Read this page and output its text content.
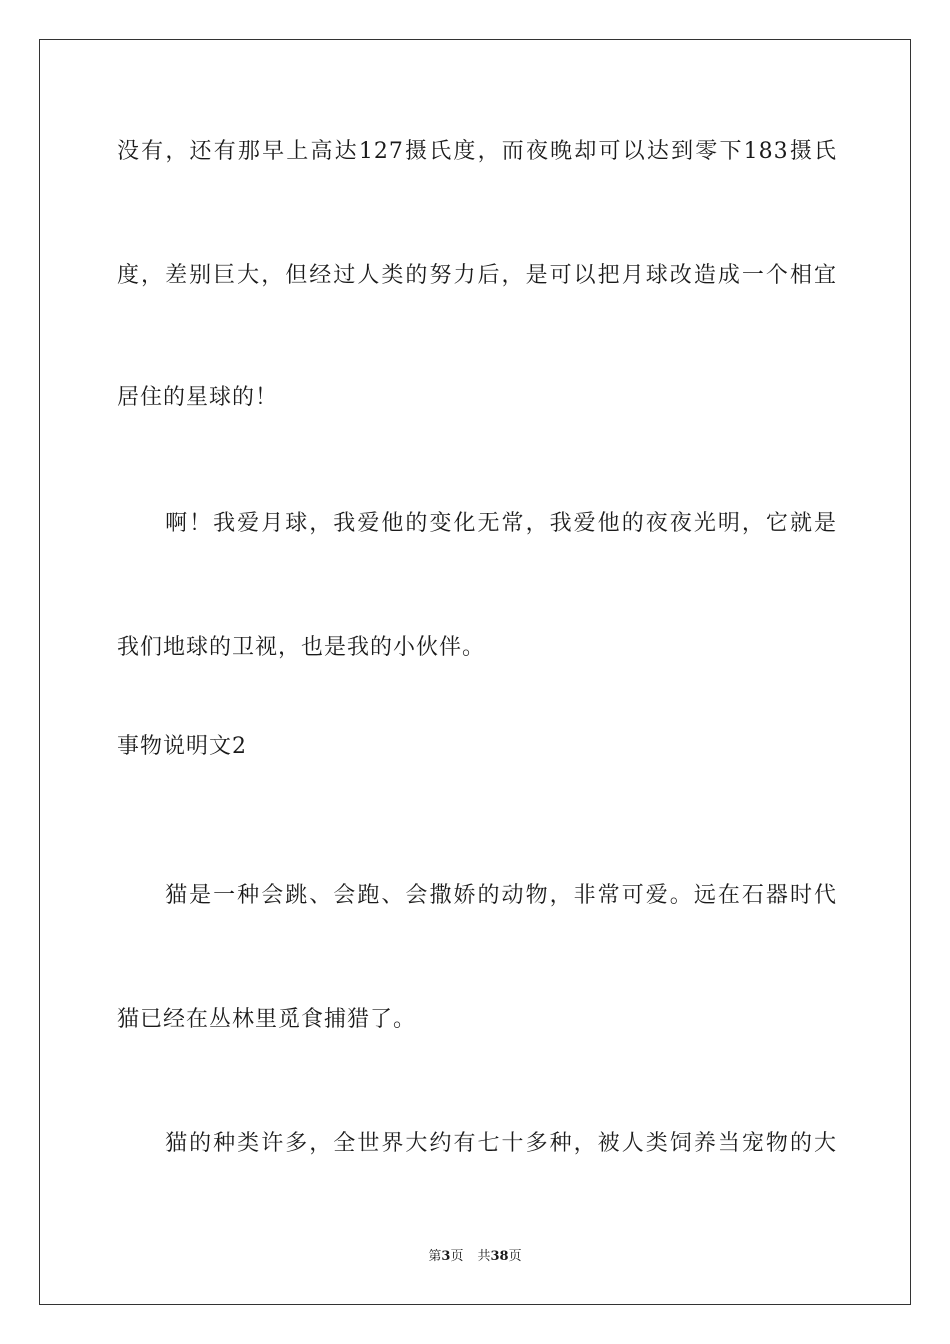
没有，还有那早上高达127摄氏度，而夜晚却可以达到零下183摄氏
度，差别巨大，但经过人类的努力后，是可以把月球改造成一个相宜
居住的星球的！
　　啊！我爱月球，我爱他的变化无常，我爱他的夜夜光明，它就是
我们地球的卫视，也是我的小伙伴。
事物说明文2
　　猫是一种会跳、会跑、会撒娇的动物，非常可爱。远在石器时代
猫已经在丛林里觅食捕猎了。
　　猫的种类许多，全世界大约有七十多种，被人类饲养当宠物的大
第3页 共38页
